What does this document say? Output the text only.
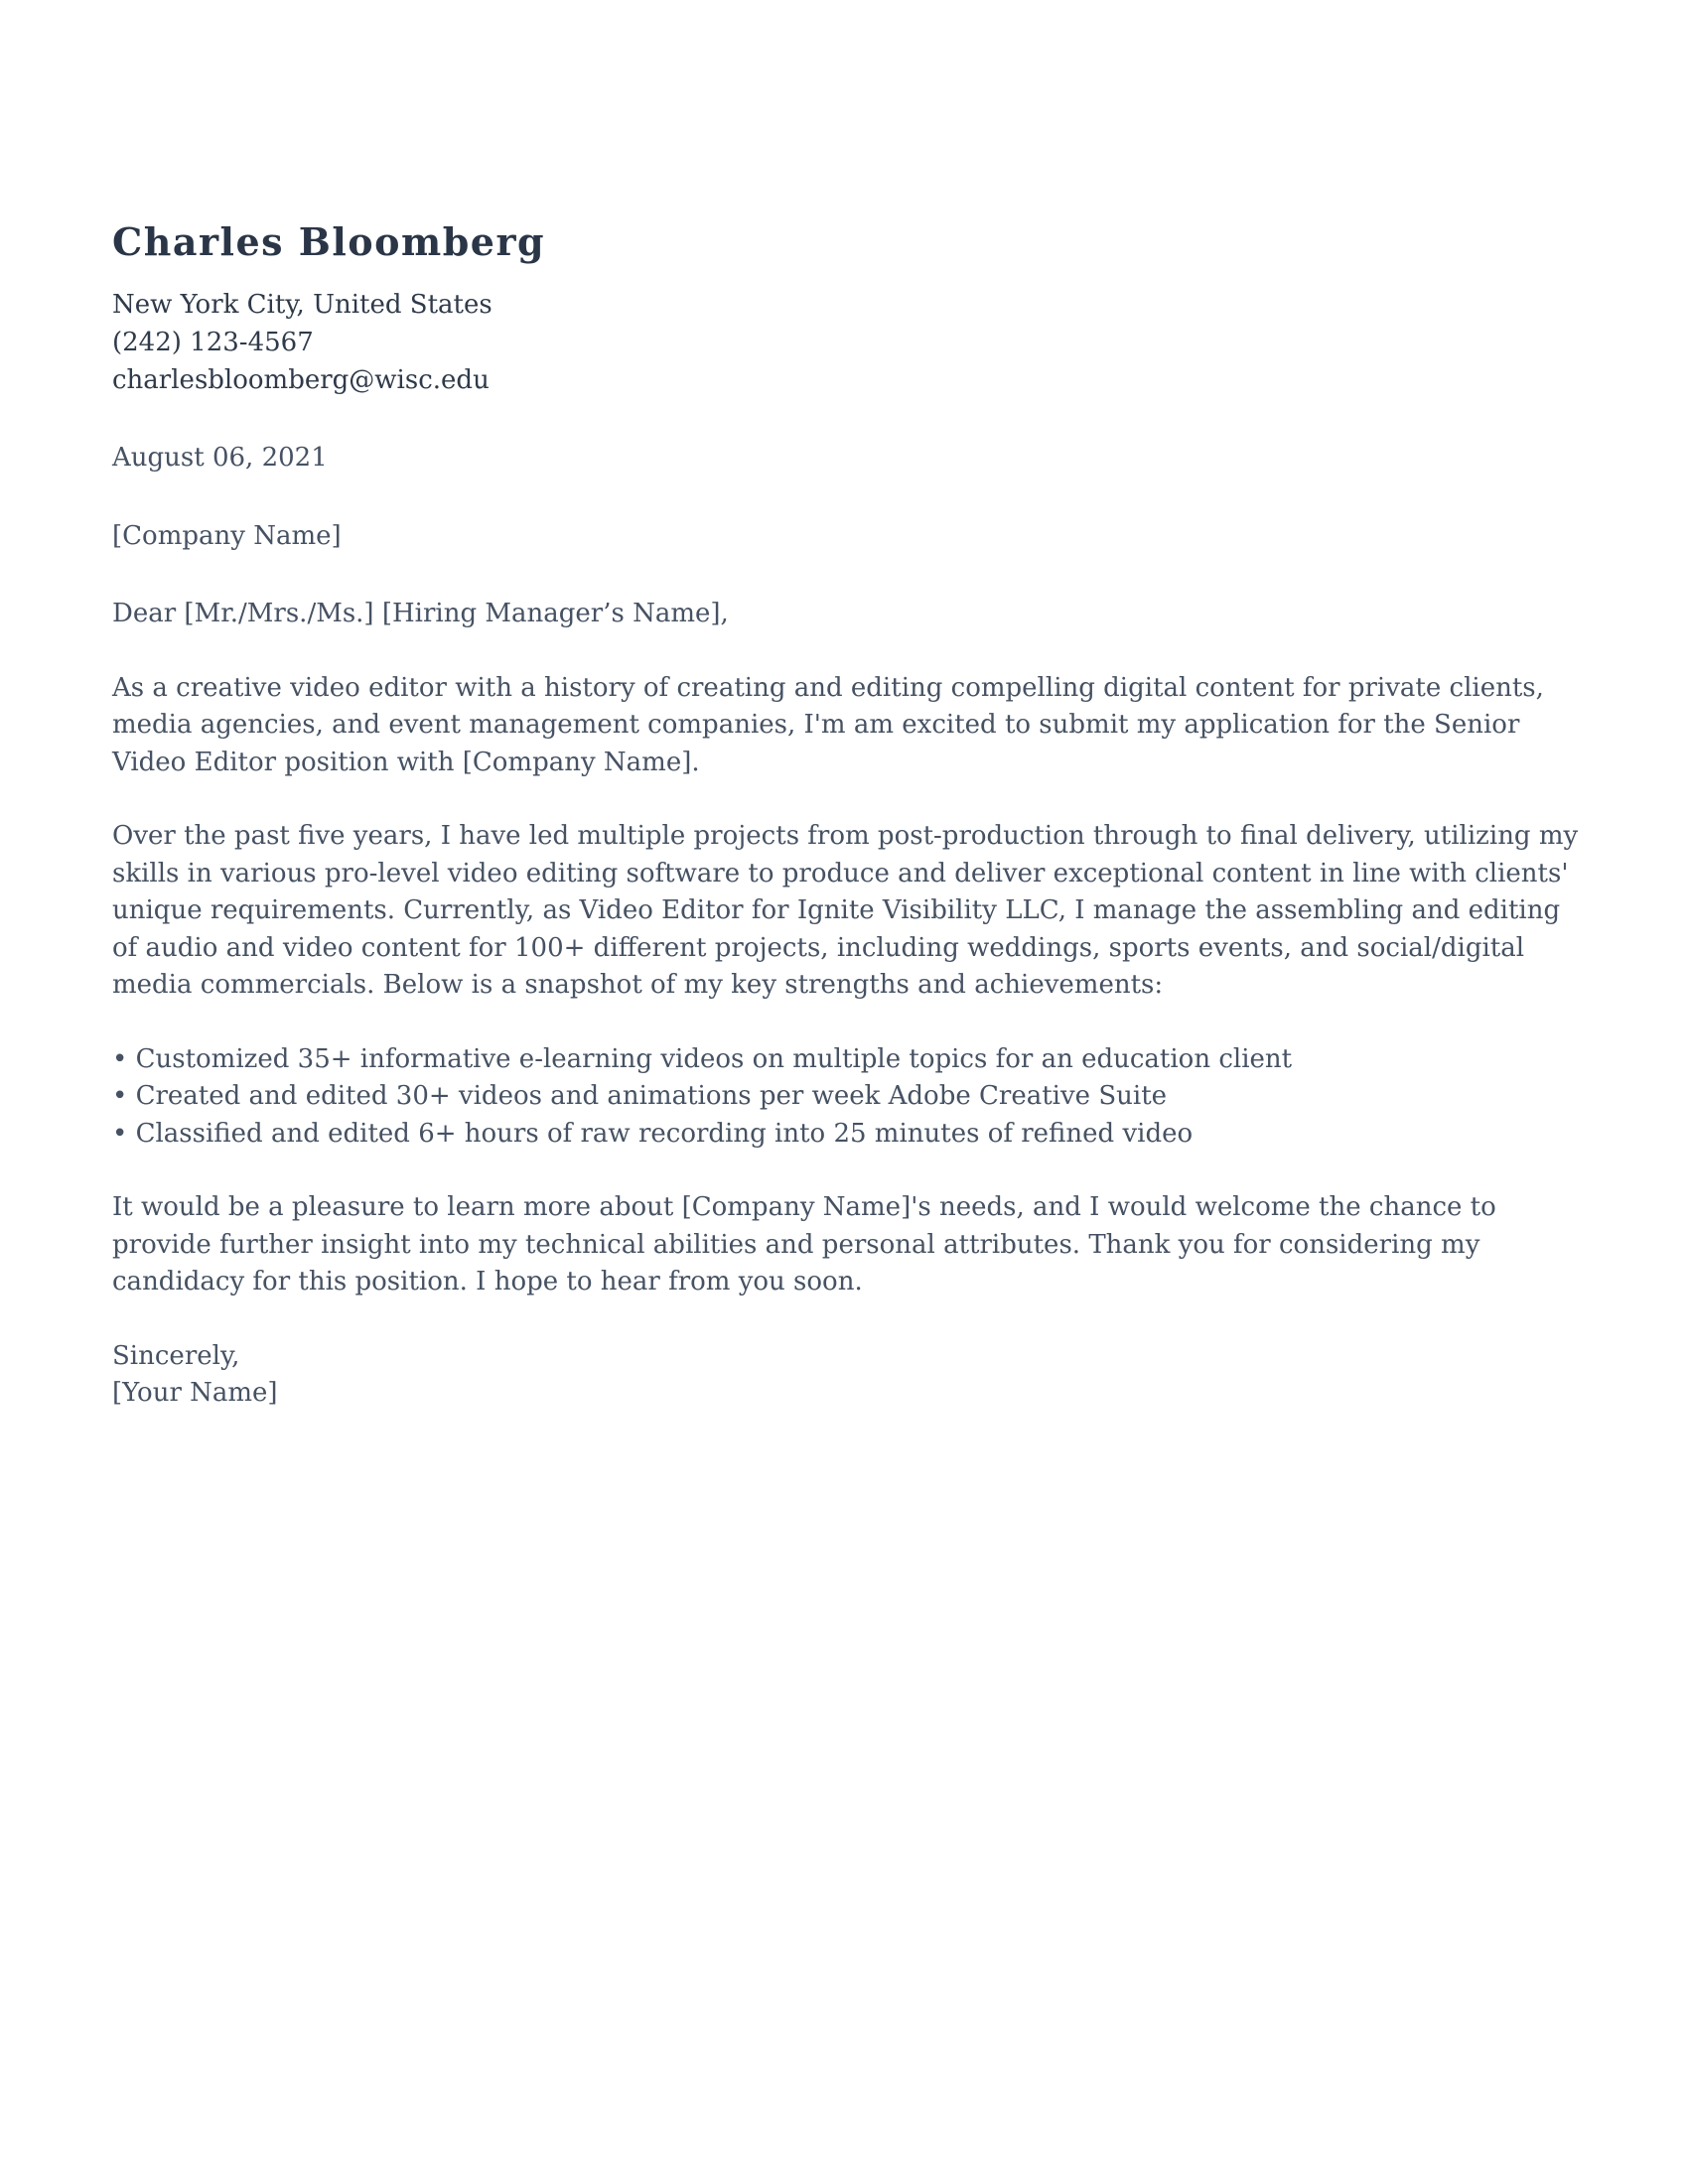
Charles Bloomberg

New York City, United States

(242) 123-4567

charlesbloomberg@wisc.edu

August 06, 2021

[Company Name]

Dear [Mr./Mrs./Ms.] [Hiring Manager’s Name],

As a creative video editor with a history of creating and editing compelling digital content for private clients, media agencies, and event management companies, I'm am excited to submit my application for the Senior Video Editor position with [Company Name].

Over the past five years, I have led multiple projects from post-production through to final delivery, utilizing my skills in various pro-level video editing software to produce and deliver exceptional content in line with clients' unique requirements. Currently, as Video Editor for Ignite Visibility LLC, I manage the assembling and editing of audio and video content for 100+ different projects, including weddings, sports events, and social/digital media commercials. Below is a snapshot of my key strengths and achievements:

• Customized 35+ informative e-learning videos on multiple topics for an education client
• Created and edited 30+ videos and animations per week Adobe Creative Suite
• Classified and edited 6+ hours of raw recording into 25 minutes of refined video

It would be a pleasure to learn more about [Company Name]'s needs, and I would welcome the chance to provide further insight into my technical abilities and personal attributes. Thank you for considering my candidacy for this position. I hope to hear from you soon.

Sincerely,

[Your Name]
